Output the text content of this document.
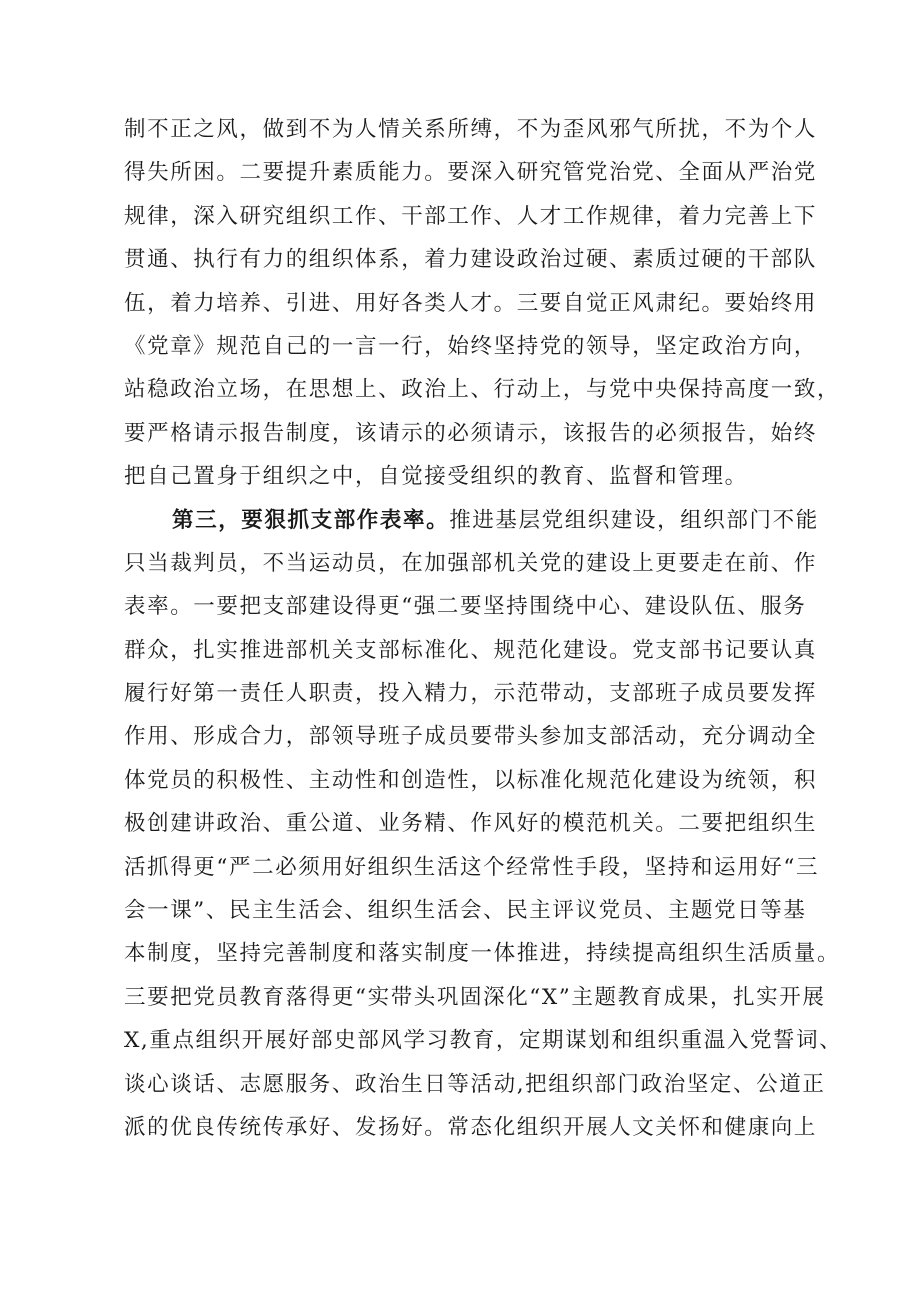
制不正之风，做到不为人情关系所缚，不为歪风邪气所扰，不为个人
得失所困。二要提升素质能力。要深入研究管党治党、全面从严治党
规律，深入研究组织工作、干部工作、人才工作规律，着力完善上下
贯通、执行有力的组织体系，着力建设政治过硬、素质过硬的干部队
伍，着力培养、引进、用好各类人才。三要自觉正风肃纪。要始终用
《党章》规范自己的一言一行，始终坚持党的领导，坚定政治方向，
站稳政治立场，在思想上、政治上、行动上，与党中央保持高度一致，
要严格请示报告制度，该请示的必须请示，该报告的必须报告，始终
把自己置身于组织之中，自觉接受组织的教育、监督和管理。
第三，要狠抓支部作表率。推进基层党组织建设，组织部门不能
只当裁判员，不当运动员，在加强部机关党的建设上更要走在前、作
表率。一要把支部建设得更“强二要坚持围绕中心、建设队伍、服务
群众，扎实推进部机关支部标准化、规范化建设。党支部书记要认真
履行好第一责任人职责，投入精力，示范带动，支部班子成员要发挥
作用、形成合力，部领导班子成员要带头参加支部活动，充分调动全
体党员的积极性、主动性和创造性，以标准化规范化建设为统领，积
极创建讲政治、重公道、业务精、作风好的模范机关。二要把组织生
活抓得更“严二必须用好组织生活这个经常性手段，坚持和运用好“三
会一课”、民主生活会、组织生活会、民主评议党员、主题党日等基
本制度，坚持完善制度和落实制度一体推进，持续提高组织生活质量。
三要把党员教育落得更“实带头巩固深化“X”主题教育成果，扎实开展
X,重点组织开展好部史部风学习教育，定期谋划和组织重温入党誓词、
谈心谈话、志愿服务、政治生日等活动,把组织部门政治坚定、公道正
派的优良传统传承好、发扬好。常态化组织开展人文关怀和健康向上
